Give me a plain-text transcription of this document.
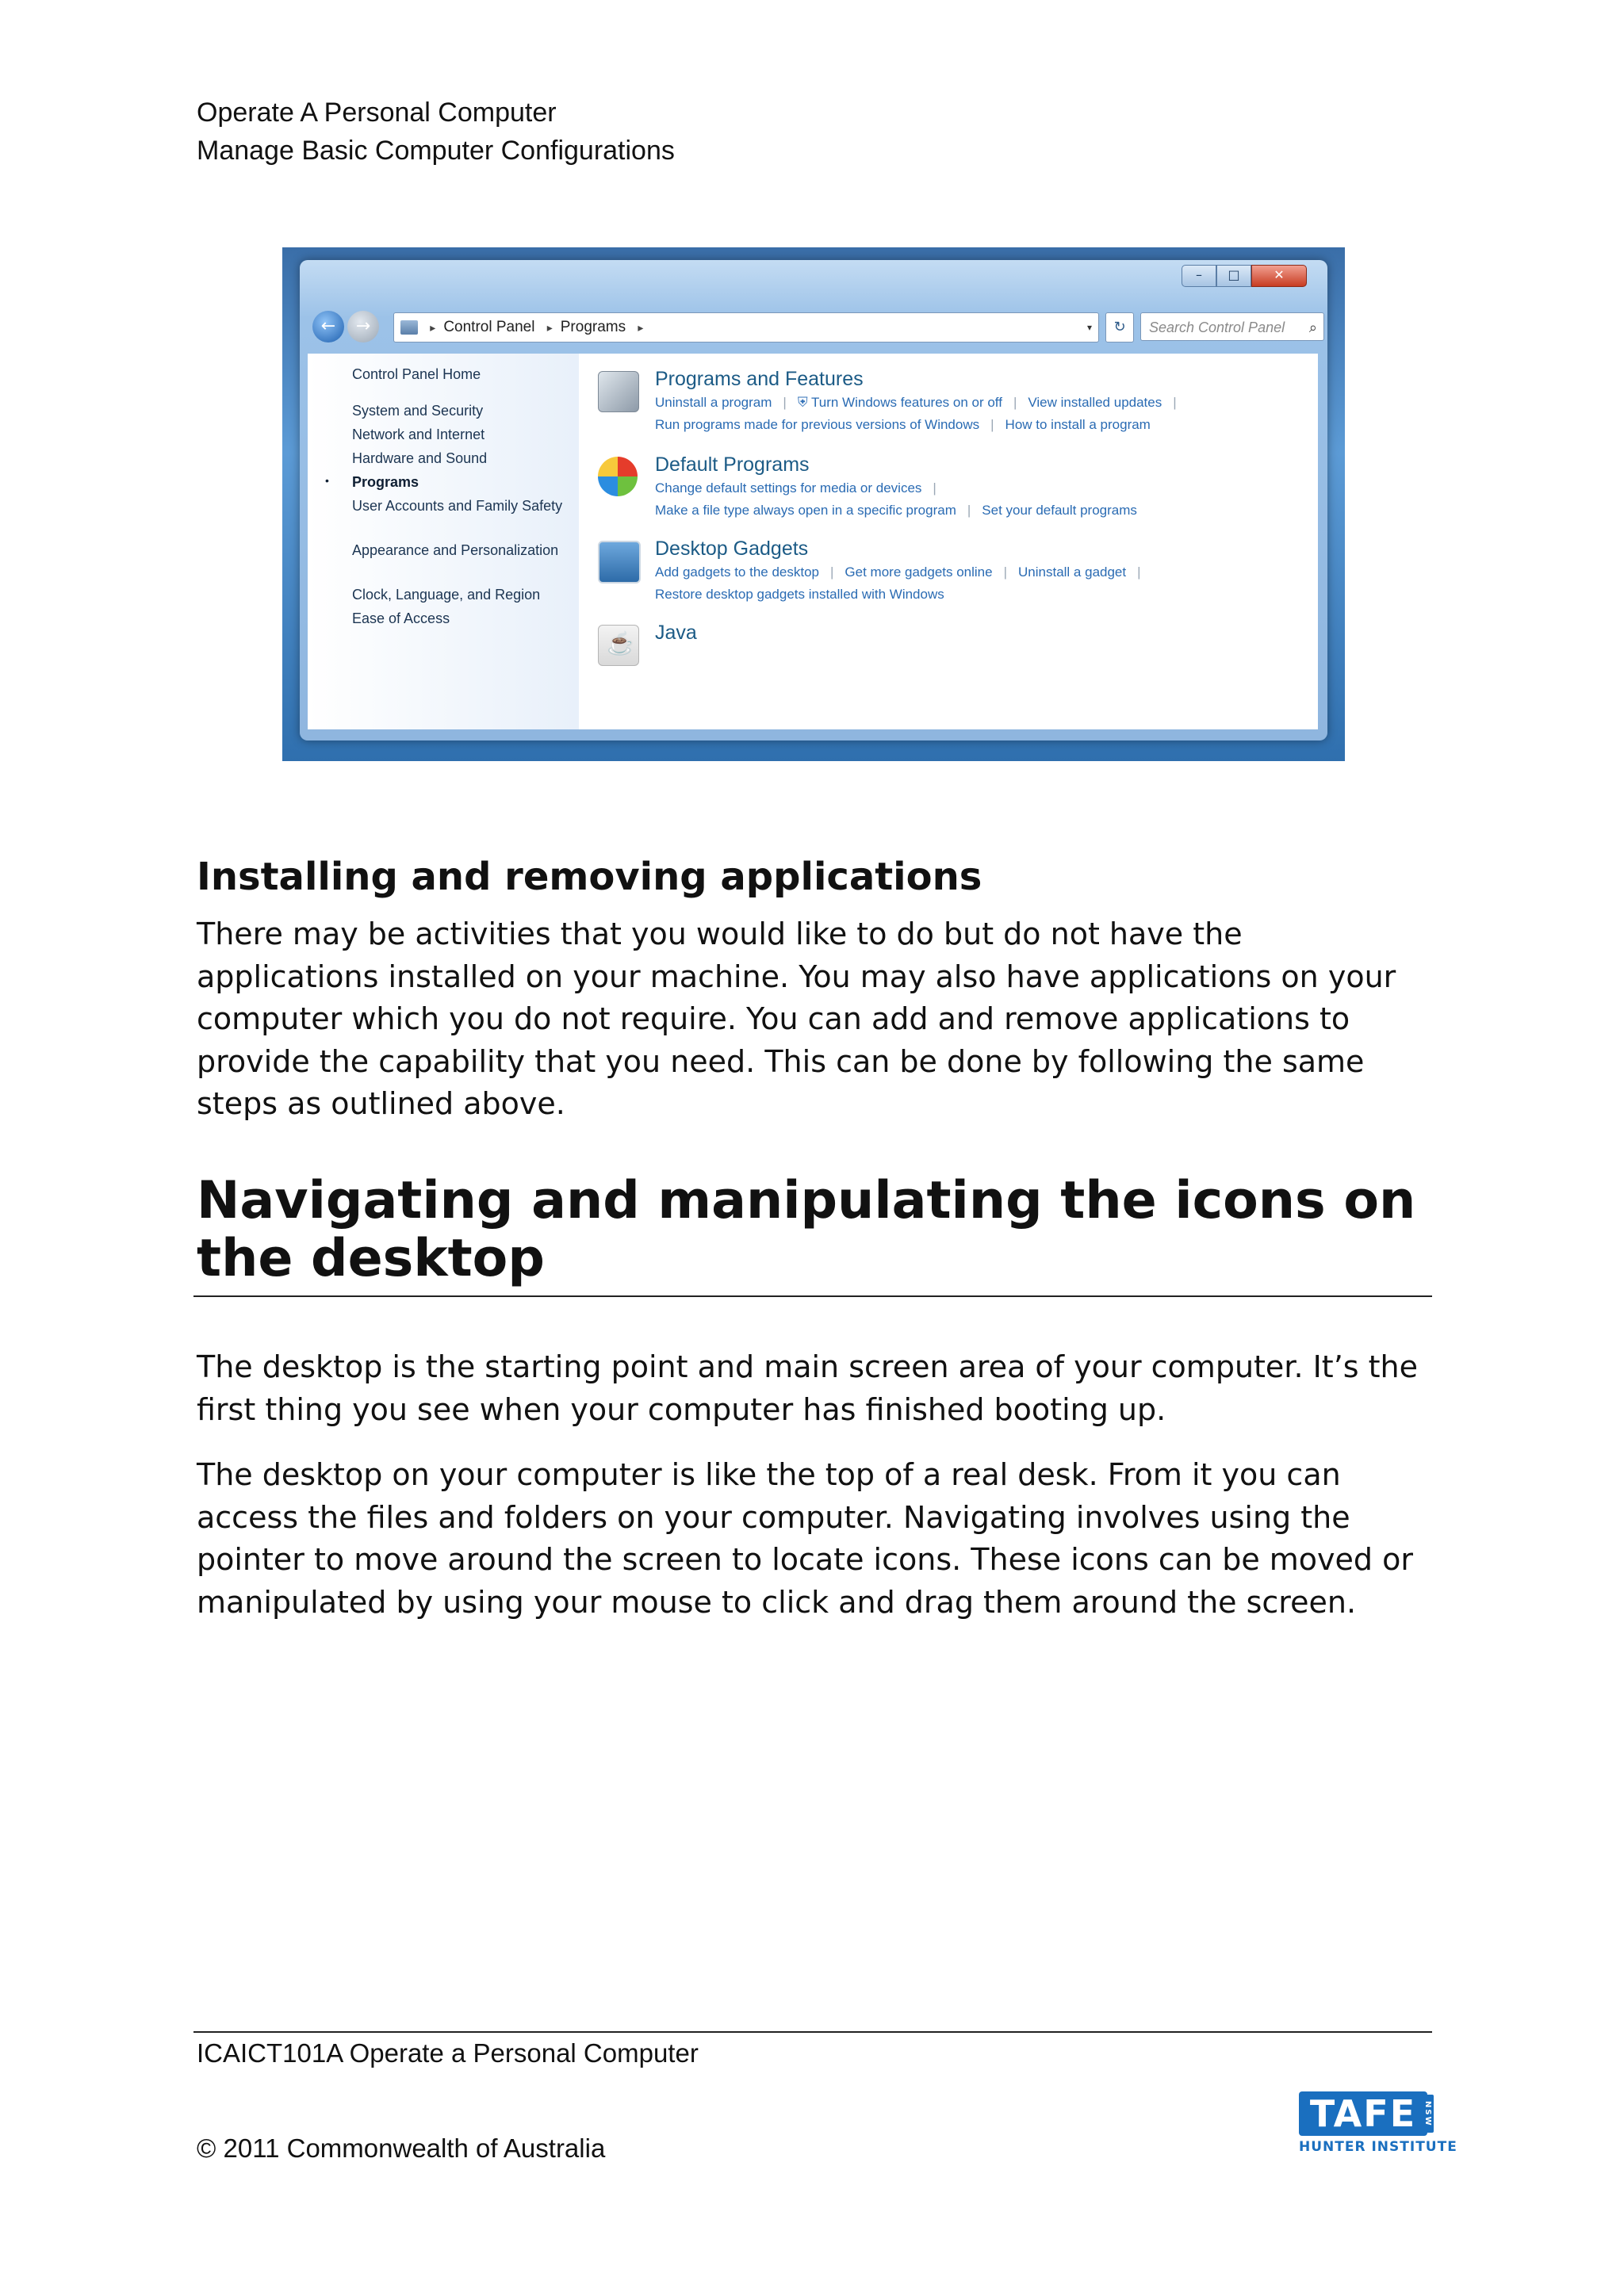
Operate A Personal Computer
Manage Basic Computer Configurations
–	□	✕
←	→	▸ Control Panel ▸ Programs ▸	▾	↻	Search Control Panel ⌕
Control Panel Home
System and Security
Network and Internet
Hardware and Sound
• Programs
User Accounts and Family Safety
Appearance and Personalization
Clock, Language, and Region
Ease of Access
Programs and Features
Uninstall a program | ⛨ Turn Windows features on or off | View installed updates |
Run programs made for previous versions of Windows | How to install a program
Default Programs
Change default settings for media or devices |
Make a file type always open in a specific program | Set your default programs
Desktop Gadgets
Add gadgets to the desktop | Get more gadgets online | Uninstall a gadget |
Restore desktop gadgets installed with Windows
☕
Java
Installing and removing applications
There may be activities that you would like to do but do not have the
applications installed on your machine. You may also have applications on your
computer which you do not require. You can add and remove applications to
provide the capability that you need. This can be done by following the same
steps as outlined above.
Navigating and manipulating the icons on
the desktop
The desktop is the starting point and main screen area of your computer. It’s the
first thing you see when your computer has finished booting up.
The desktop on your computer is like the top of a real desk. From it you can
access the files and folders on your computer. Navigating involves using the
pointer to move around the screen to locate icons. These icons can be moved or
manipulated by using your mouse to click and drag them around the screen.
ICAICT101A Operate a Personal Computer
© 2011 Commonwealth of Australia
TAFE NSW
HUNTER INSTITUTE
